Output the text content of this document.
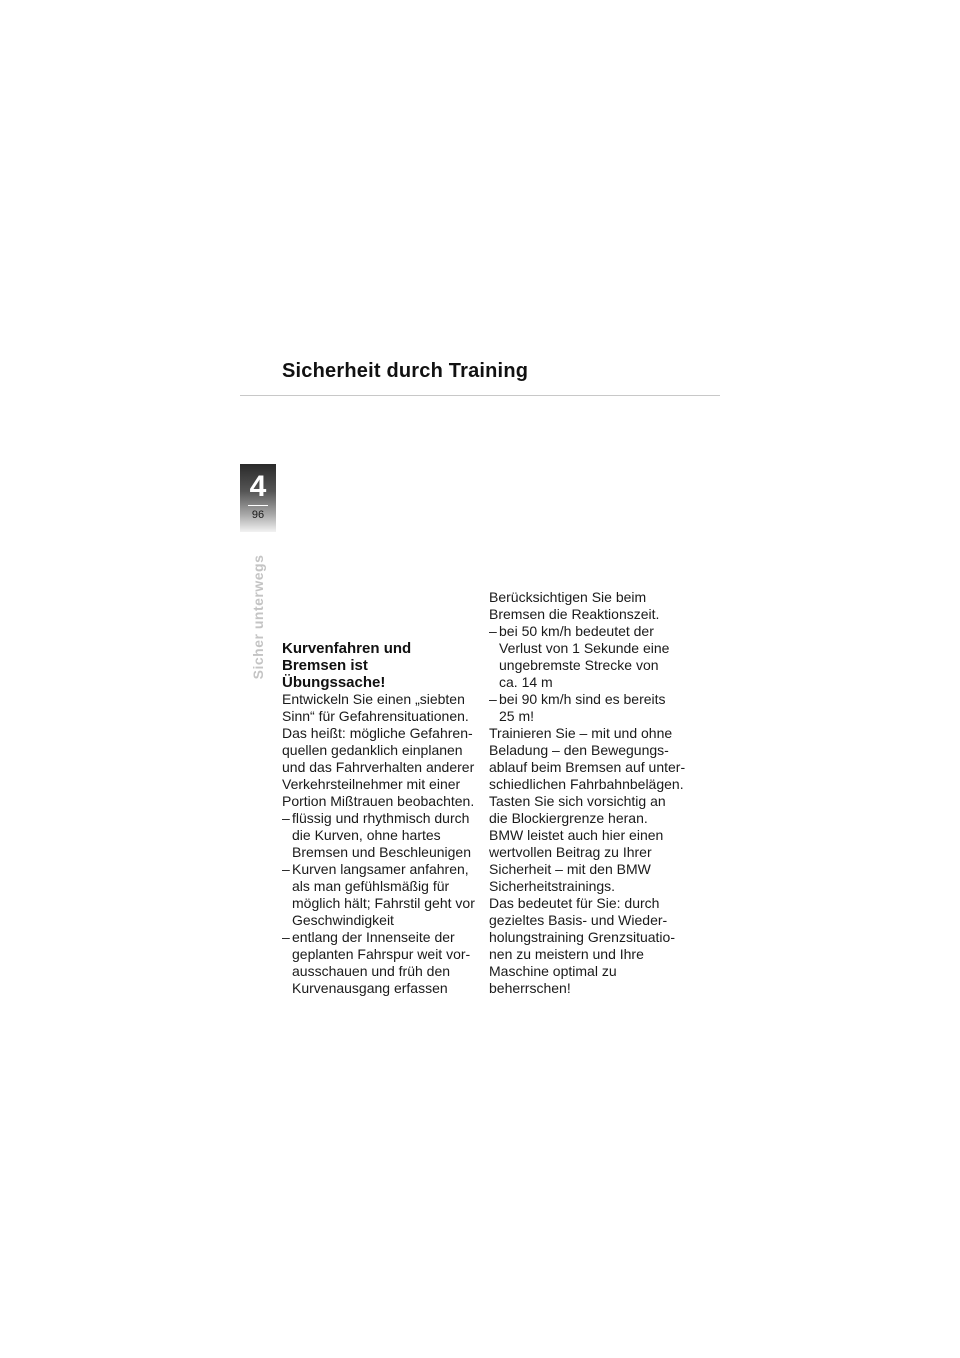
Sicherheit durch Training
4
96
Sicher unterwegs Kurvenfahren und
Bremsen ist
Übungssache!

Entwickeln Sie einen „siebten
Sinn“ für Gefahrensituationen.
Das heißt: mögliche Gefahren-
quellen gedanklich einplanen
und das Fahrverhalten anderer
Verkehrsteilnehmer mit einer
Portion Mißtrauen beobachten.

– flüssig und rhythmisch durch
die Kurven, ohne hartes
Bremsen und Beschleunigen
– Kurven langsamer anfahren,
als man gefühlsmäßig für
möglich hält; Fahrstil geht vor
Geschwindigkeit
– entlang der Innenseite der
geplanten Fahrspur weit vor-
ausschauen und früh den
Kurvenausgang erfassen

Berücksichtigen Sie beim
Bremsen die Reaktionszeit.

– bei 50 km/h bedeutet der
Verlust von 1 Sekunde eine
ungebremste Strecke von
ca. 14 m
– bei 90 km/h sind es bereits
25 m!

Trainieren Sie – mit und ohne
Beladung – den Bewegungs-
ablauf beim Bremsen auf unter-
schiedlichen Fahrbahnbelägen.
Tasten Sie sich vorsichtig an
die Blockiergrenze heran.

BMW leistet auch hier einen
wertvollen Beitrag zu Ihrer
Sicherheit – mit den BMW
Sicherheitstrainings.

Das bedeutet für Sie: durch
gezieltes Basis- und Wieder-
holungstraining Grenzsituatio-
nen zu meistern und Ihre
Maschine optimal zu
beherrschen!
